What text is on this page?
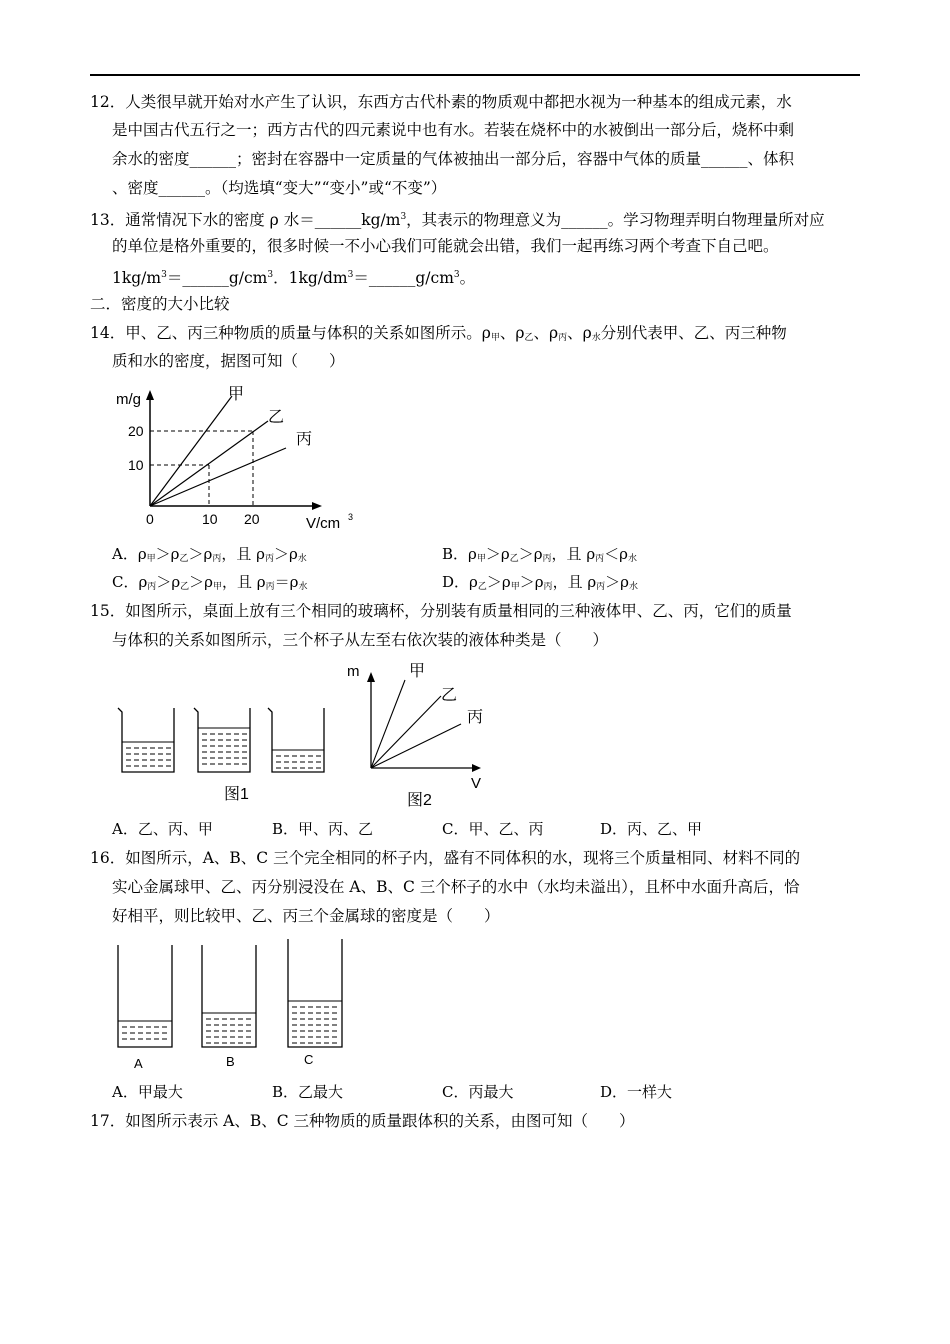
12．人类很早就开始对水产生了认识，东西方古代朴素的物质观中都把水视为一种基本的组成元素，水
是中国古代五行之一；西方古代的四元素说中也有水。若装在烧杯中的水被倒出一部分后，烧杯中剩
余水的密度______；密封在容器中一定质量的气体被抽出一部分后，容器中气体的质量______、体积
、密度______。（均选填“变大”“变小”或“不变”）
13．通常情况下水的密度 ρ 水$=\_\_\_\_\_\_kg/m^3$，其表示的物理意义为______。学习物理弄明白物理量所对应
的单位是格外重要的，很多时候一不小心我们可能就会出错，我们一起再练习两个考查下自己吧。
$1kg/m^3=\_\_\_\_\_\_g/cm^3$．$1kg/dm^3=\_\_\_\_\_\_g/cm^3$。
二．密度的大小比较
14．甲、乙、丙三种物质的质量与体积的关系如图所示。$\rho_甲$、$\rho_乙$、$\rho_丙$、$\rho_水$分别代表甲、乙、丙三种物
质和水的密度，据图可知（　　）
m/g
20
10
0	10 20	V/cm 3
甲
乙
丙
A．$\rho_甲>\rho_乙>\rho_丙$，且 $\rho_丙>\rho_水$	B．$\rho_甲>\rho_乙>\rho_丙$，且 $\rho_丙<\rho_水$
C．$\rho_丙>\rho_乙>\rho_甲$，且 $\rho_丙=\rho_水$	D．$\rho_乙>\rho_甲>\rho_丙$，且 $\rho_丙>\rho_水$
15．如图所示，桌面上放有三个相同的玻璃杯，分别装有质量相同的三种液体甲、乙、丙，它们的质量
与体积的关系如图所示，三个杯子从左至右依次装的液体种类是（　　）
图1
m
V
甲
乙
丙
图2
A．乙、丙、甲	B．甲、丙、乙	C．甲、乙、丙	D．丙、乙、甲
16．如图所示，A、B、C 三个完全相同的杯子内，盛有不同体积的水，现将三个质量相同、材料不同的
实心金属球甲、乙、丙分别浸没在 A、B、C 三个杯子的水中（水均未溢出），且杯中水面升高后，恰
好相平，则比较甲、乙、丙三个金属球的密度是（　　）
A	B	C
A．甲最大	B．乙最大	C．丙最大	D．一样大
17．如图所示表示 A、B、C 三种物质的质量跟体积的关系，由图可知（　　）
